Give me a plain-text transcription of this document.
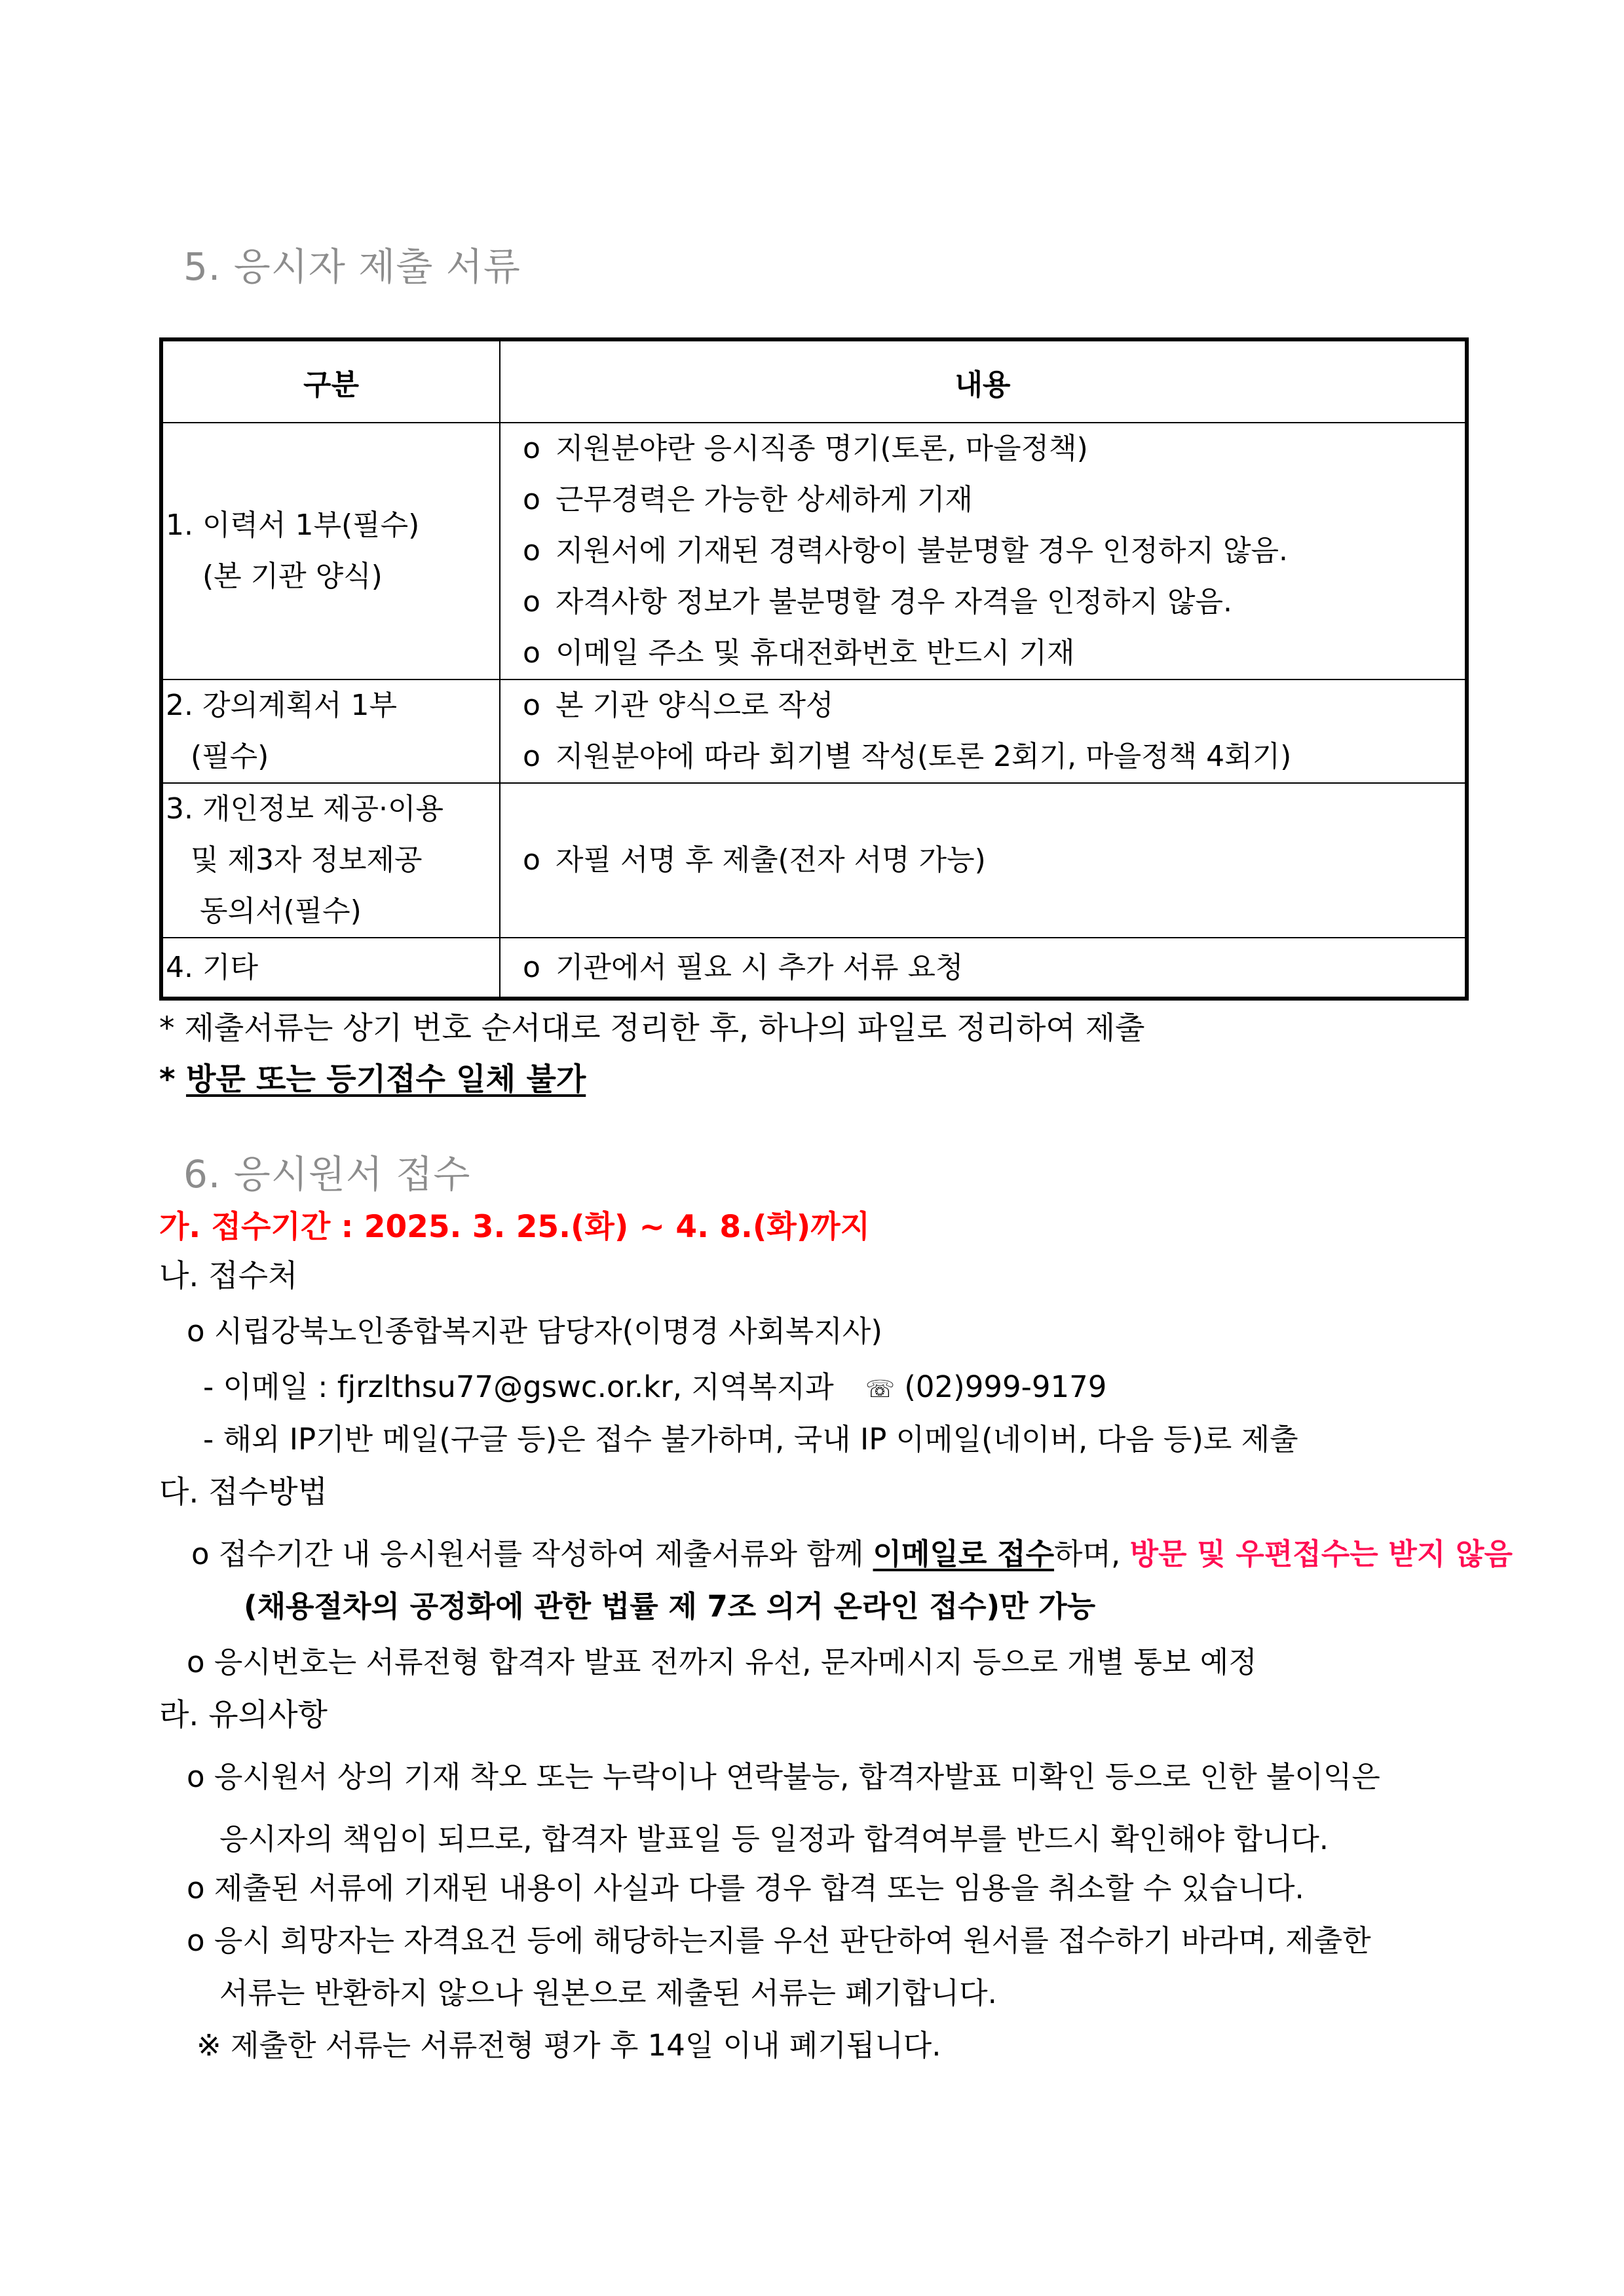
5. 응시자 제출 서류
구분	내용

1. 이력서 1부(필수)
(본 기관 양식)	o 지원분야란 응시직종 명기(토론, 마을정책)
o 근무경력은 가능한 상세하게 기재
o 지원서에 기재된 경력사항이 불분명할 경우 인정하지 않음.
o 자격사항 정보가 불분명할 경우 자격을 인정하지 않음.
o 이메일 주소 및 휴대전화번호 반드시 기재

2. 강의계획서 1부
(필수)	o 본 기관 양식으로 작성
o 지원분야에 따라 회기별 작성(토론 2회기, 마을정책 4회기)

3. 개인정보 제공·이용
및 제3자 정보제공
동의서(필수)	o 자필 서명 후 제출(전자 서명 가능)

4. 기타	o 기관에서 필요 시 추가 서류 요청
* 제출서류는 상기 번호 순서대로 정리한 후, 하나의 파일로 정리하여 제출
* 방문 또는 등기접수 일체 불가
6. 응시원서 접수
가. 접수기간 : 2025. 3. 25.(화) ~ 4. 8.(화)까지
나. 접수처
o 시립강북노인종합복지관 담당자(이명경 사회복지사)
- 이메일 : fjrzlthsu77@gswc.or.kr, 지역복지과 ☏ (02)999-9179
- 해외 IP기반 메일(구글 등)은 접수 불가하며, 국내 IP 이메일(네이버, 다음 등)로 제출
다. 접수방법
o 접수기간 내 응시원서를 작성하여 제출서류와 함께 이메일로 접수하며, 방문 및 우편접수는 받지 않음
(채용절차의 공정화에 관한 법률 제 7조 의거 온라인 접수)만 가능
o 응시번호는 서류전형 합격자 발표 전까지 유선, 문자메시지 등으로 개별 통보 예정
라. 유의사항
o 응시원서 상의 기재 착오 또는 누락이나 연락불능, 합격자발표 미확인 등으로 인한 불이익은
응시자의 책임이 되므로, 합격자 발표일 등 일정과 합격여부를 반드시 확인해야 합니다.
o 제출된 서류에 기재된 내용이 사실과 다를 경우 합격 또는 임용을 취소할 수 있습니다.
o 응시 희망자는 자격요건 등에 해당하는지를 우선 판단하여 원서를 접수하기 바라며, 제출한
서류는 반환하지 않으나 원본으로 제출된 서류는 폐기합니다.
※ 제출한 서류는 서류전형 평가 후 14일 이내 폐기됩니다.
